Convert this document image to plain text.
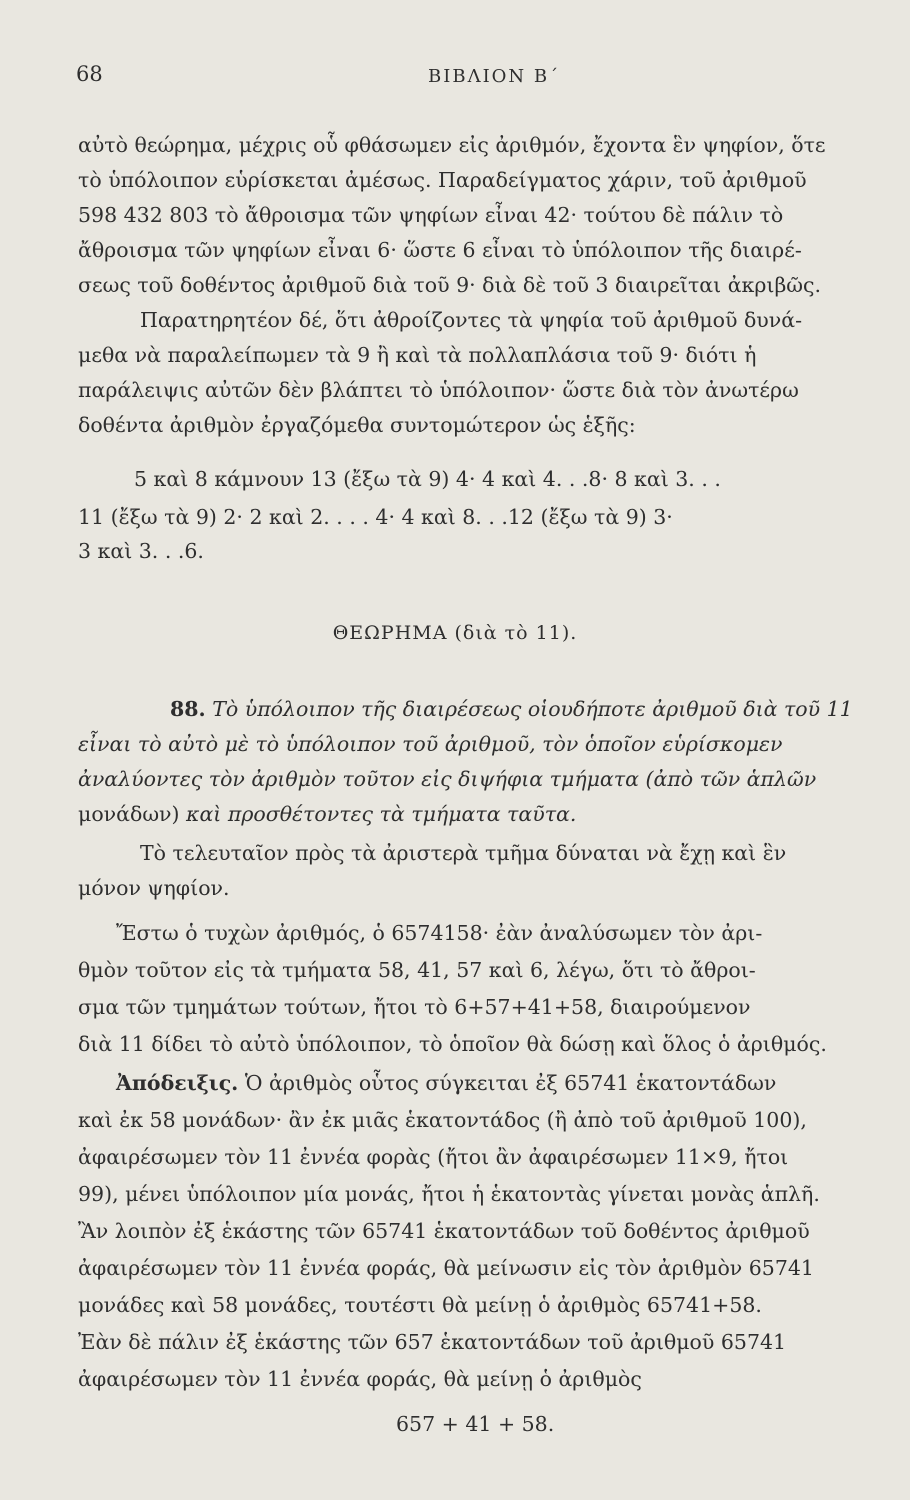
68	ΒΙΒΛΙΟΝ Β΄
αὐτὸ θεώρημα, μέχρις οὗ φθάσωμεν εἰς ἀριθμόν, ἔχοντα ἓν ψηφίον, ὅτε
τὸ ὑπόλοιπον εὑρίσκεται ἀμέσως. Παραδείγματος χάριν, τοῦ ἀριθμοῦ
598 432 803 τὸ ἄθροισμα τῶν ψηφίων εἶναι 42· τούτου δὲ πάλιν τὸ
ἄθροισμα τῶν ψηφίων εἶναι 6· ὥστε 6 εἶναι τὸ ὑπόλοιπον τῆς διαιρέ-
σεως τοῦ δοθέντος ἀριθμοῦ διὰ τοῦ 9· διὰ δὲ τοῦ 3 διαιρεῖται ἀκριβῶς.
Παρατηρητέον δέ, ὅτι ἀθροίζοντες τὰ ψηφία τοῦ ἀριθμοῦ δυνά-
μεθα νὰ παραλείπωμεν τὰ 9 ἢ καὶ τὰ πολλαπλάσια τοῦ 9· διότι ἡ
παράλειψις αὐτῶν δὲν βλάπτει τὸ ὑπόλοιπον· ὥστε διὰ τὸν ἀνωτέρω
δοθέντα ἀριθμὸν ἐργαζόμεθα συντομώτερον ὡς ἑξῆς:
5 καὶ 8 κάμνουν 13 (ἔξω τὰ 9) 4· 4 καὶ 4. . .8· 8 καὶ 3. . .
11 (ἔξω τὰ 9) 2· 2 καὶ 2. . . . 4· 4 καὶ 8. . .12 (ἔξω τὰ 9) 3·
3 καὶ 3. . .6.
ΘΕΩΡΗΜΑ (διὰ τὸ 11).
88. Τὸ ὑπόλοιπον τῆς διαιρέσεως οἱουδήποτε ἀριθμοῦ διὰ τοῦ 11
εἶναι τὸ αὐτὸ μὲ τὸ ὑπόλοιπον τοῦ ἀριθμοῦ, τὸν ὁποῖον εὑρίσκομεν
ἀναλύοντες τὸν ἀριθμὸν τοῦτον εἰς διψήφια τμήματα (ἀπὸ τῶν ἁπλῶν
μονάδων) καὶ προσθέτοντες τὰ τμήματα ταῦτα.
Τὸ τελευταῖον πρὸς τὰ ἀριστερὰ τμῆμα δύναται νὰ ἔχῃ καὶ ἓν
μόνον ψηφίον.
Ἔστω ὁ τυχὼν ἀριθμός, ὁ 6574158· ἐὰν ἀναλύσωμεν τὸν ἀρι-
θμὸν τοῦτον εἰς τὰ τμήματα 58, 41, 57 καὶ 6, λέγω, ὅτι τὸ ἄθροι-
σμα τῶν τμημάτων τούτων, ἤτοι τὸ 6+57+41+58, διαιρούμενον
διὰ 11 δίδει τὸ αὐτὸ ὑπόλοιπον, τὸ ὁποῖον θὰ δώσῃ καὶ ὅλος ὁ ἀριθμός.
Ἀπόδειξις. Ὁ ἀριθμὸς οὗτος σύγκειται ἐξ 65741 ἑκατοντάδων
καὶ ἐκ 58 μονάδων· ἂν ἐκ μιᾶς ἑκατοντάδος (ἢ ἀπὸ τοῦ ἀριθμοῦ 100),
ἀφαιρέσωμεν τὸν 11 ἐννέα φορὰς (ἤτοι ἂν ἀφαιρέσωμεν 11×9, ἤτοι
99), μένει ὑπόλοιπον μία μονάς, ἤτοι ἡ ἑκατοντὰς γίνεται μονὰς ἁπλῆ.
Ἂν λοιπὸν ἐξ ἑκάστης τῶν 65741 ἑκατοντάδων τοῦ δοθέντος ἀριθμοῦ
ἀφαιρέσωμεν τὸν 11 ἐννέα φοράς, θὰ μείνωσιν εἰς τὸν ἀριθμὸν 65741
μονάδες καὶ 58 μονάδες, τουτέστι θὰ μείνῃ ὁ ἀριθμὸς 65741+58.
Ἐὰν δὲ πάλιν ἐξ ἑκάστης τῶν 657 ἑκατοντάδων τοῦ ἀριθμοῦ 65741
ἀφαιρέσωμεν τὸν 11 ἐννέα φοράς, θὰ μείνῃ ὁ ἀριθμὸς
657 + 41 + 58.
